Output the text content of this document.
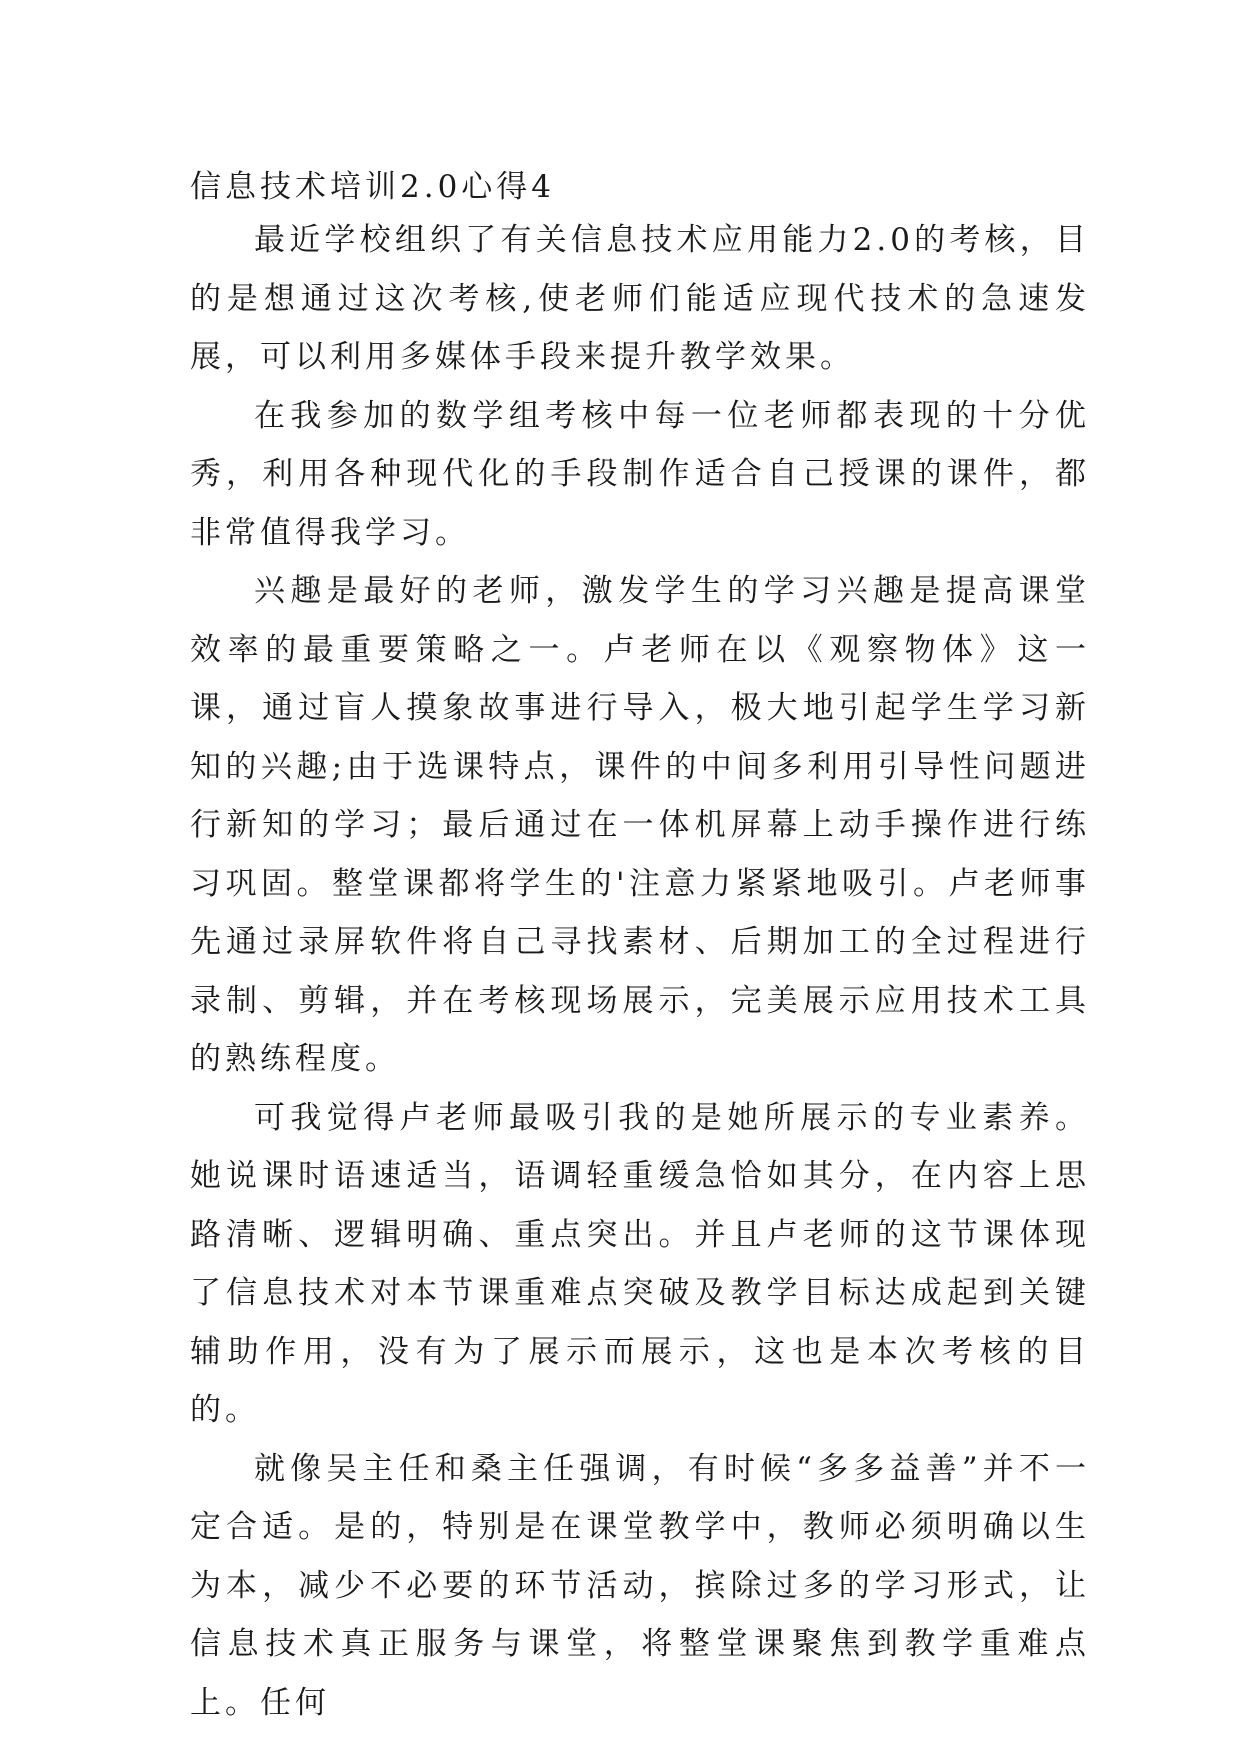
信息技术培训2.0心得4

最近学校组织了有关信息技术应用能力2.0的考核，目的是想通过这次考核,使老师们能适应现代技术的急速发展，可以利用多媒体手段来提升教学效果。

在我参加的数学组考核中每一位老师都表现的十分优秀，利用各种现代化的手段制作适合自己授课的课件，都非常值得我学习。

兴趣是最好的老师，激发学生的学习兴趣是提高课堂效率的最重要策略之一。卢老师在以《观察物体》这一课，通过盲人摸象故事进行导入，极大地引起学生学习新知的兴趣;由于选课特点，课件的中间多利用引导性问题进行新知的学习；最后通过在一体机屏幕上动手操作进行练习巩固。整堂课都将学生的'注意力紧紧地吸引。卢老师事先通过录屏软件将自己寻找素材、后期加工的全过程进行录制、剪辑，并在考核现场展示，完美展示应用技术工具的熟练程度。

可我觉得卢老师最吸引我的是她所展示的专业素养。她说课时语速适当，语调轻重缓急恰如其分，在内容上思路清晰、逻辑明确、重点突出。并且卢老师的这节课体现了信息技术对本节课重难点突破及教学目标达成起到关键辅助作用，没有为了展示而展示，这也是本次考核的目的。

就像吴主任和桑主任强调，有时候“多多益善”并不一定合适。是的，特别是在课堂教学中，教师必须明确以生为本，减少不必要的环节活动，摈除过多的学习形式，让信息技术真正服务与课堂，将整堂课聚焦到教学重难点上。任何
